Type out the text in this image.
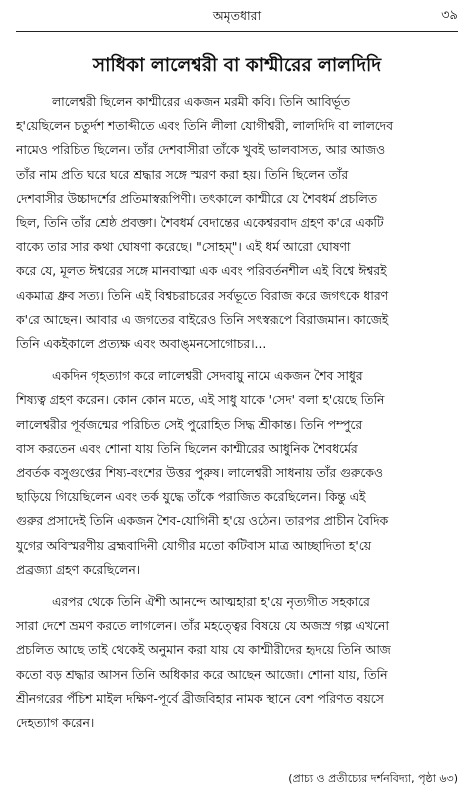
অমৃতধারা	৩৯
সাধিকা লালেশ্বরী বা কাশ্মীরের লালদিদি

লালেশ্বরী ছিলেন কাশ্মীরের একজন মরমী কবি। তিনি আবির্ভূত
হ'য়েছিলেন চতুর্দশ শতাব্দীতে এবং তিনি লীলা যোগীশ্বরী, লালদিদি বা লালদেব
নামেও পরিচিত ছিলেন। তাঁর দেশবাসীরা তাঁকে খুবই ভালবাসত, আর আজও
তাঁর নাম প্রতি ঘরে ঘরে শ্রদ্ধার সঙ্গে স্মরণ করা হয়। তিনি ছিলেন তাঁর
দেশবাসীর উচ্চাদর্শের প্রতিমাস্বরূপিণী। তৎকালে কাশ্মীরে যে শৈবধর্ম প্রচলিত
ছিল, তিনি তাঁর শ্রেষ্ঠ প্রবক্তা। শৈবধর্ম বেদান্তের একেশ্বরবাদ গ্রহণ ক'রে একটি
বাক্যে তার সার কথা ঘোষণা করেছে। "সোহম্"। এই ধর্ম আরো ঘোষণা
করে যে, মূলত ঈশ্বরের সঙ্গে মানবাত্মা এক এবং পরিবর্তনশীল এই বিশ্বে ঈশ্বরই
একমাত্র ধ্রুব সত্য। তিনি এই বিশ্বচরাচরের সর্বভূতে বিরাজ করে জগৎকে ধারণ
ক'রে আছেন। আবার এ জগতের বাইরেও তিনি সৎস্বরূপে বিরাজমান। কাজেই
তিনি একইকালে প্রত্যক্ষ এবং অবাঙ্‌মনসোগোচর।...

একদিন গৃহত্যাগ করে লালেশ্বরী সেদবায়ু নামে একজন শৈব সাধুর
শিষ্যত্ব গ্রহণ করেন। কোন কোন মতে, এই সাধু যাকে 'সেদ' বলা হ'য়েছে তিনি
লালেশ্বরীর পূর্বজন্মের পরিচিত সেই পুরোহিত সিদ্ধ শ্রীকান্ত। তিনি পম্পুরে
বাস করতেন এবং শোনা যায় তিনি ছিলেন কাশ্মীরের আধুনিক শৈবধর্মের
প্রবর্তক বসুগুপ্তের শিষ্য-বংশের উত্তর পুরুষ। লালেশ্বরী সাধনায় তাঁর গুরুকেও
ছাড়িয়ে গিয়েছিলেন এবং তর্ক যুদ্ধে তাঁকে পরাজিত করেছিলেন। কিন্তু এই
গুরুর প্রসাদেই তিনি একজন শৈব-যোগিনী হ'য়ে ওঠেন। তারপর প্রাচীন বৈদিক
যুগের অবিস্মরণীয় ব্রহ্মবাদিনী যোগীর মতো কটিবাস মাত্র আচ্ছাদিতা হ'য়ে
প্রব্রজ্যা গ্রহণ করেছিলেন।

এরপর থেকে তিনি ঐশী আনন্দে আত্মহারা হ'য়ে নৃত্যগীত সহকারে
সারা দেশে ভ্রমণ করতে লাগলেন। তাঁর মহত্ত্বের বিষয়ে যে অজস্র গল্প এখনো
প্রচলিত আছে তাই থেকেই অনুমান করা যায় যে কাশ্মীরীদের হৃদয়ে তিনি আজ
কতো বড় শ্রদ্ধার আসন তিনি অধিকার করে আছেন আজো। শোনা যায়, তিনি
শ্রীনগরের পঁচিশ মাইল দক্ষিণ-পূর্বে ব্রীজবিহার নামক স্থানে বেশ পরিণত বয়সে
দেহত্যাগ করেন।

(প্রাচ্য ও প্রতীচ্যের দর্শনবিদ্যা, পৃষ্ঠা ৬৩)
